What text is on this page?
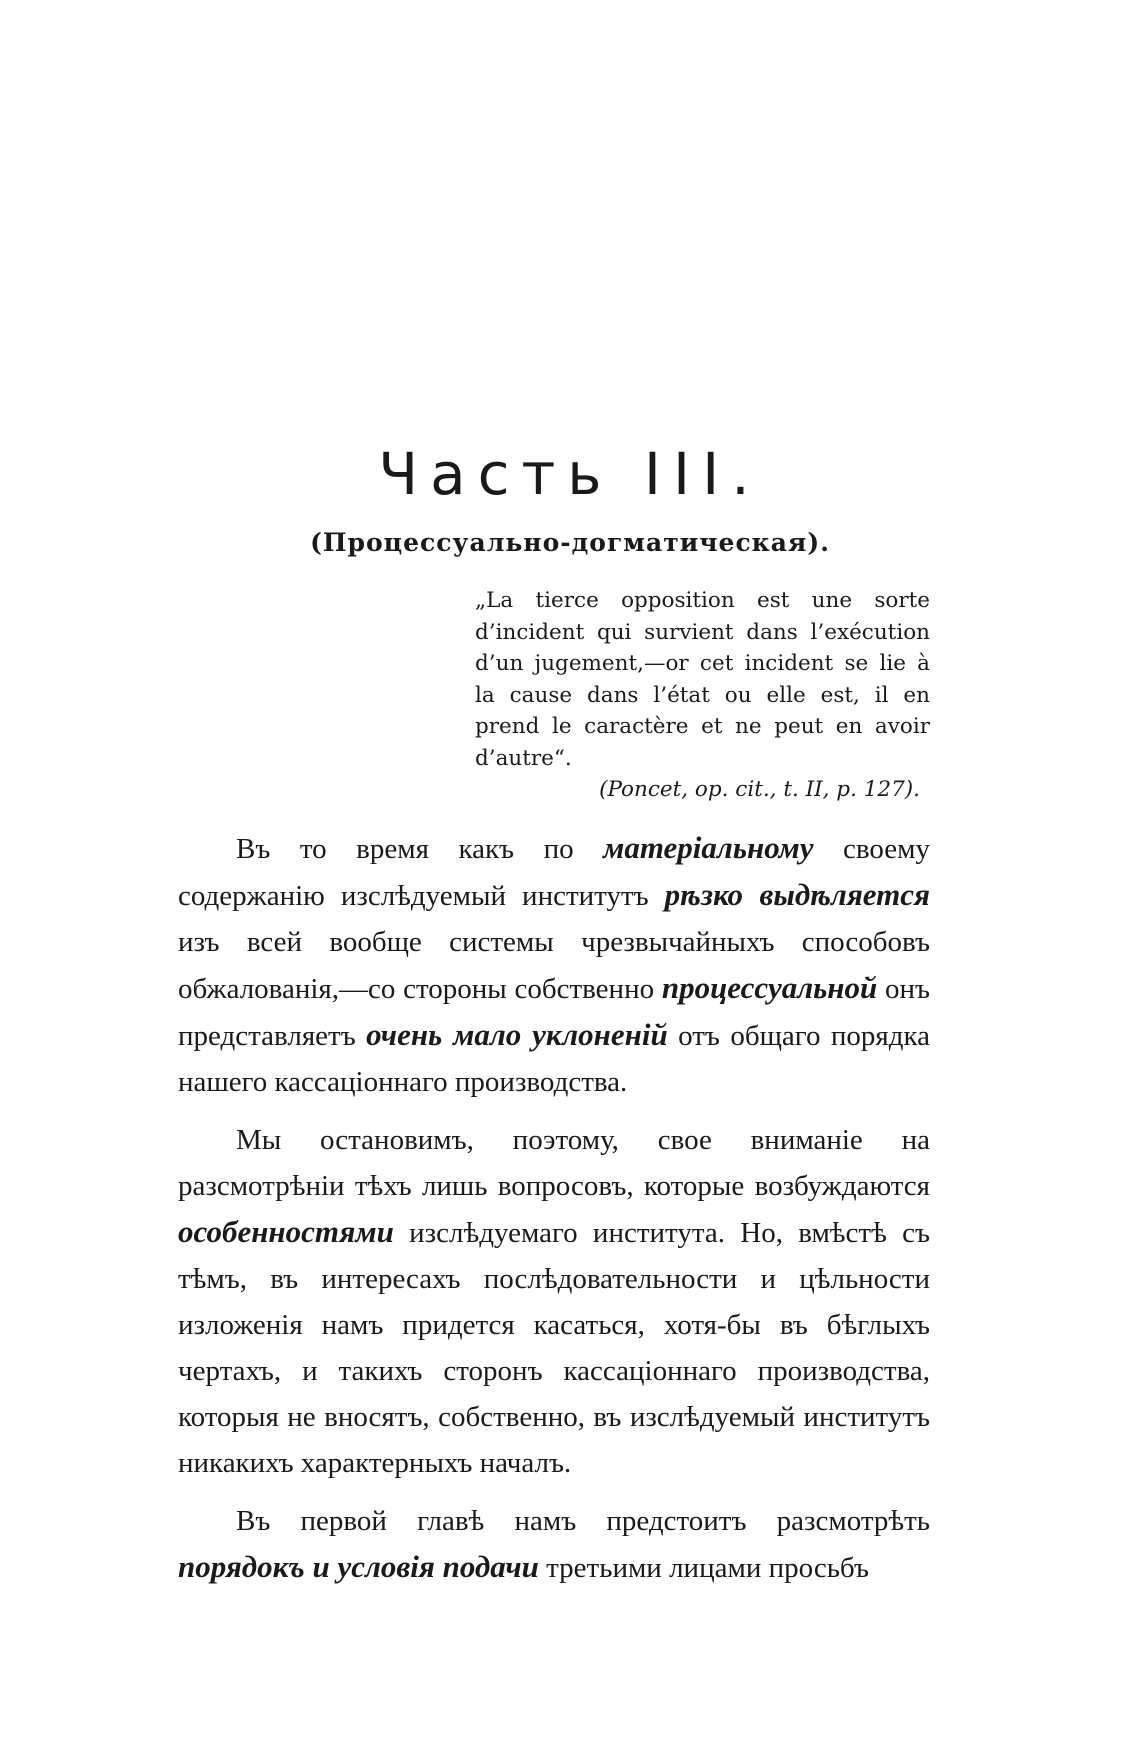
Часть III.
(Процессуально-догматическая).

„La tierce opposition est une sorte d’incident qui survient dans l’exécution d’un jugement,—or cet incident se lie à la cause dans l’état ou elle est, il en prend le caractère et ne peut en avoir d’autre“.

(Poncet, op. cit., t. II, p. 127).

Въ то время какъ по матеріальному своему содержанію изслѣдуемый институтъ рѣзко выдѣляется изъ всей вообще системы чрезвычайныхъ способовъ обжалованія,—со стороны собственно процессуальной онъ представляетъ очень мало уклоненій отъ общаго порядка нашего кассаціоннаго производства.

Мы остановимъ, поэтому, свое вниманіе на разсмотрѣніи тѣхъ лишь вопросовъ, которые возбуждаются особенностями изслѣдуемаго института. Но, вмѣстѣ съ тѣмъ, въ интересахъ послѣдовательности и цѣльности изложенія намъ придется касаться, хотя-бы въ бѣглыхъ чертахъ, и такихъ сторонъ кассаціоннаго производства, которыя не вносятъ, собственно, въ изслѣдуемый институтъ никакихъ характерныхъ началъ.

Въ первой главѣ намъ предстоитъ разсмотрѣть порядокъ и условія подачи третьими лицами просьбъ
